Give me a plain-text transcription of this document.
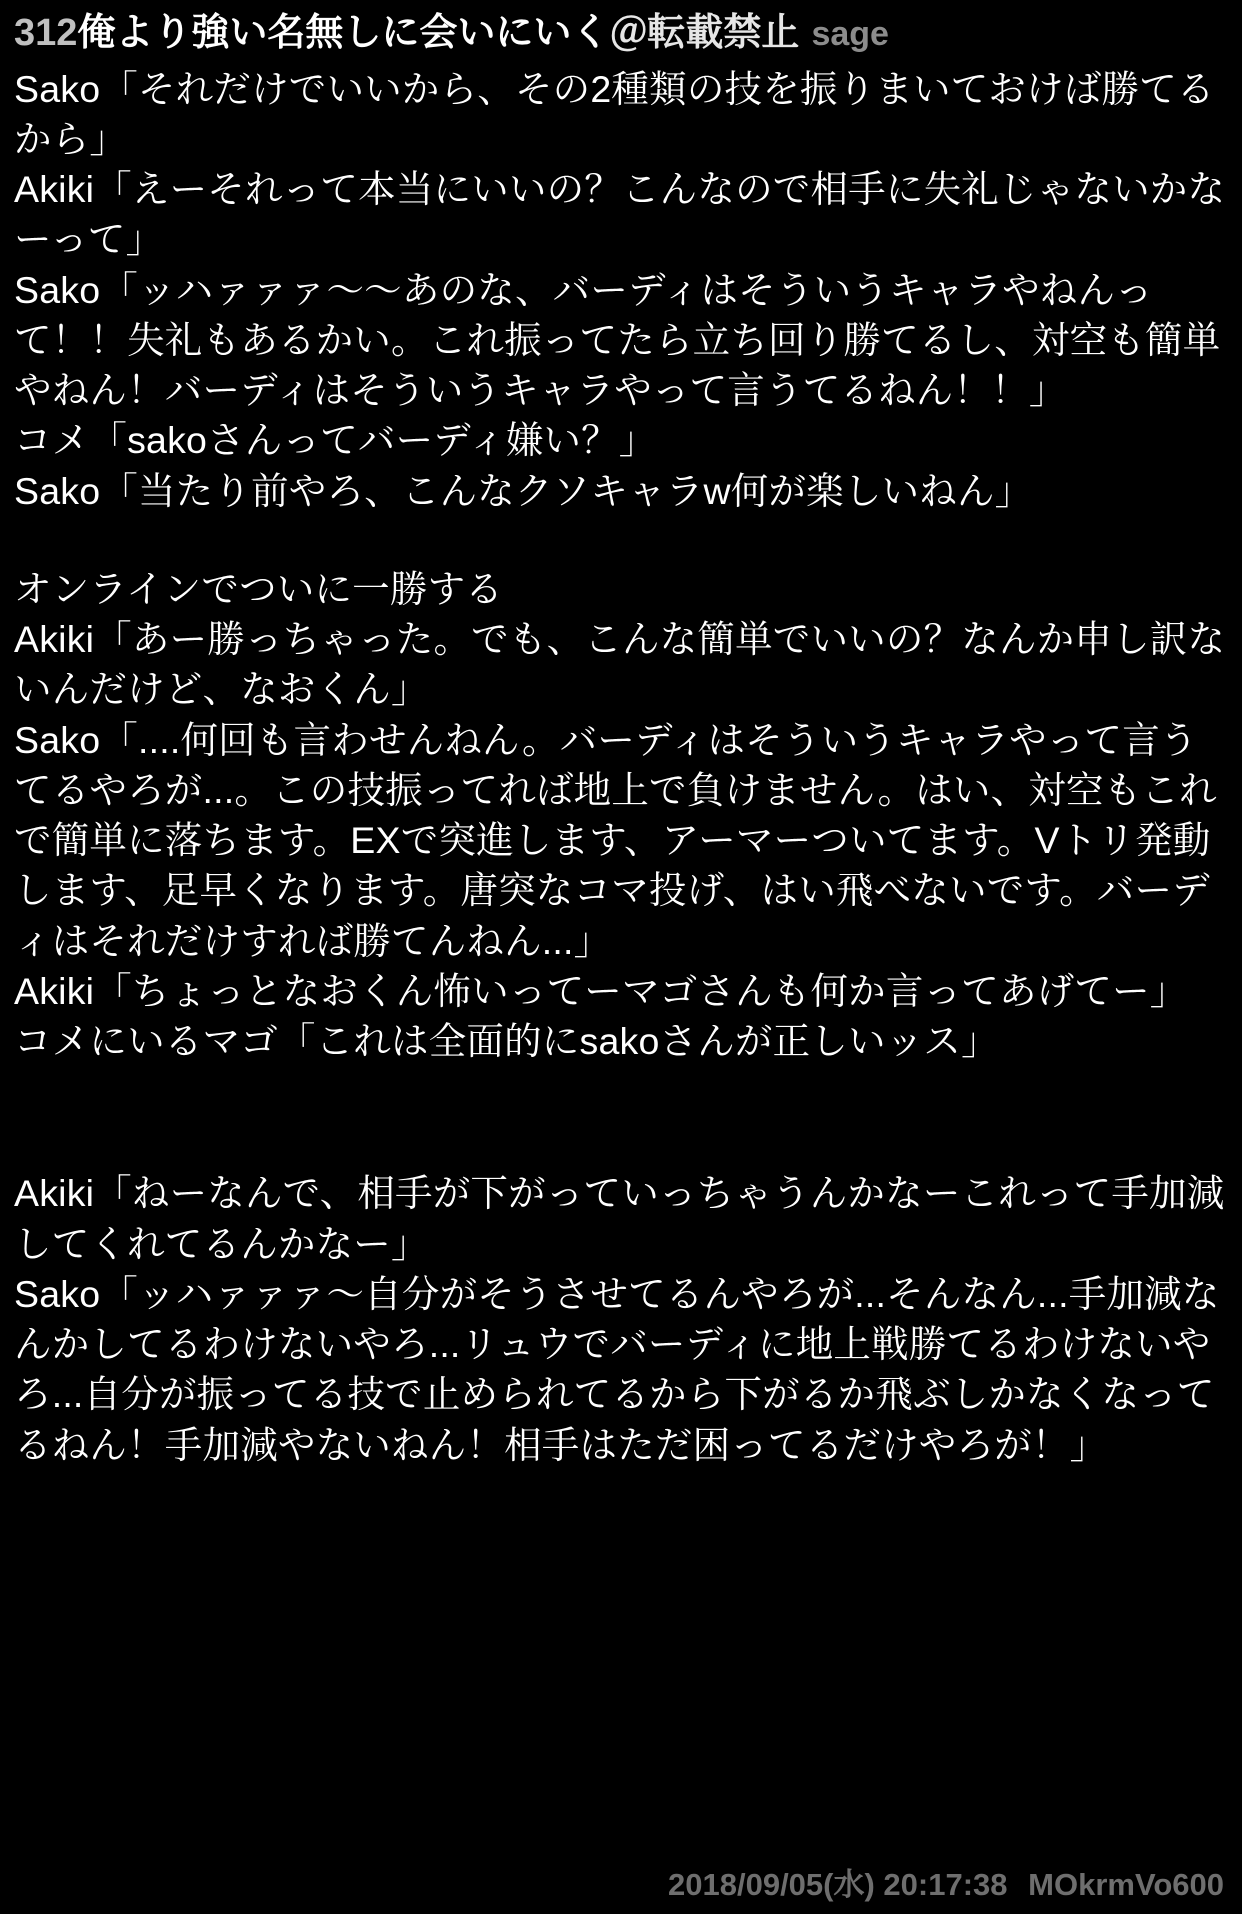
312 俺より強い名無しに会いにいく ＠転載禁止 sage

Sako「それだけでいいから、その2種類の技を振りまいておけば勝てるから」

Akiki「えーそれって本当にいいの？こんなので相手に失礼じゃないかなーって」

Sako「ッハァァァ〜〜あのな、バーディはそういうキャラやねんって！！失礼もあるかい。これ振ってたら立ち回り勝てるし、対空も簡単やねん！バーディはそういうキャラやって言うてるねん！！」

コメ「sakoさんってバーディ嫌い？」

Sako「当たり前やろ、こんなクソキャラw何が楽しいねん」

オンラインでついに一勝する

Akiki「あー勝っちゃった。でも、こんな簡単でいいの？なんか申し訳ないんだけど、なおくん」

Sako「....何回も言わせんねん。バーディはそういうキャラやって言うてるやろが...。この技振ってれば地上で負けません。はい、対空もこれで簡単に落ちます。EXで突進します、アーマーついてます。Vトリ発動します、足早くなります。唐突なコマ投げ、はい飛べないです。バーディはそれだけすれば勝てんねん...」

Akiki「ちょっとなおくん怖いってーマゴさんも何か言ってあげてー」

コメにいるマゴ「これは全面的にsakoさんが正しいッス」

Akiki「ねーなんで、相手が下がっていっちゃうんかなーこれって手加減してくれてるんかなー」

Sako「ッハァァァ〜自分がそうさせてるんやろが...そんなん...手加減なんかしてるわけないやろ...リュウでバーディに地上戦勝てるわけないやろ...自分が振ってる技で止められてるから下がるか飛ぶしかなくなってるねん！手加減やないねん！相手はただ困ってるだけやろが！」

2018/09/05(水) 20:17:38 MOkrmVo600
